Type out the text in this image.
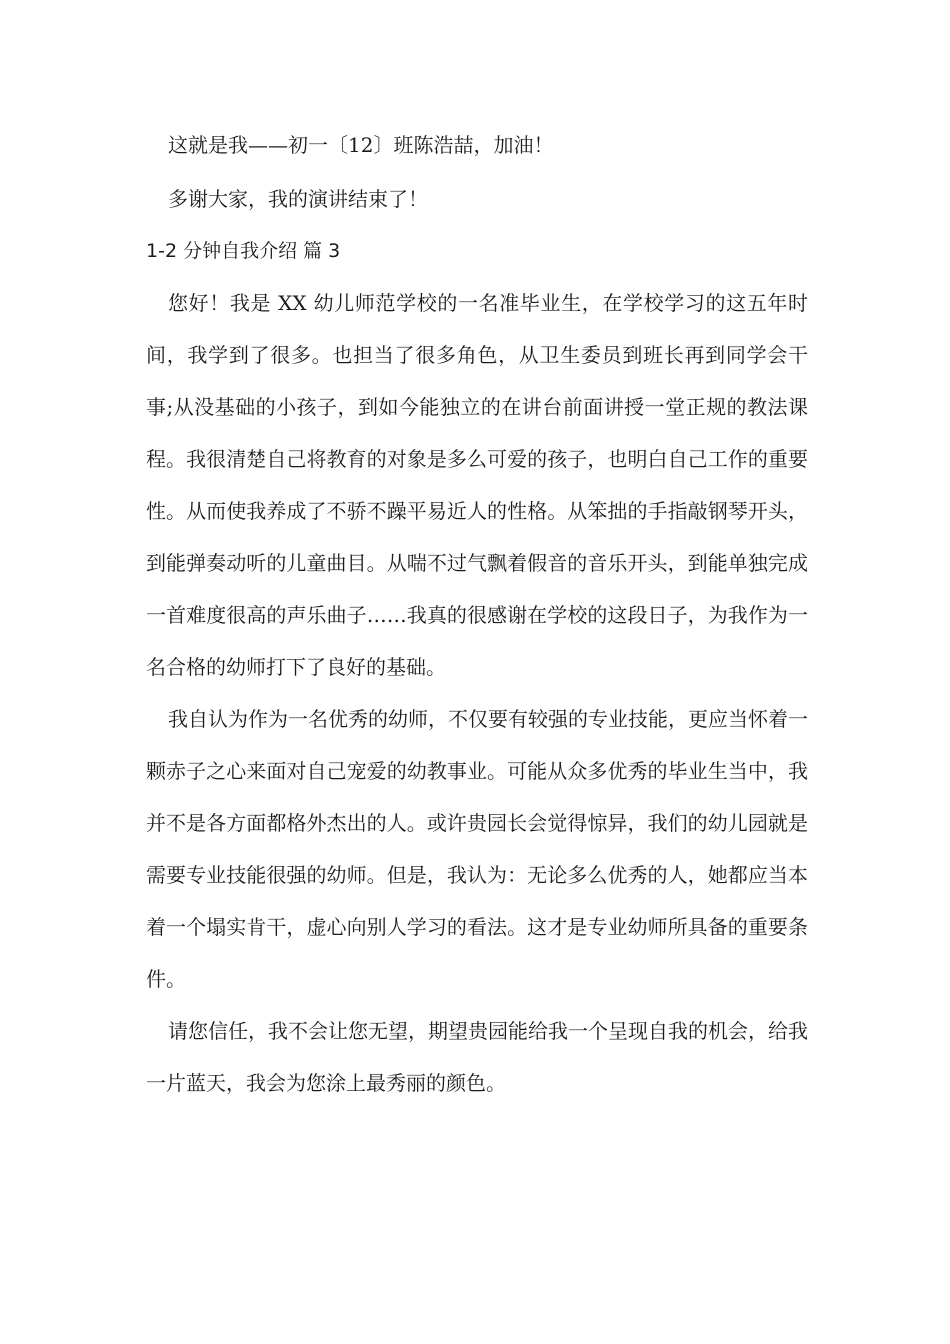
这就是我——初一〔12〕班陈浩喆，加油！

多谢大家，我的演讲结束了！

1-2 分钟自我介绍 篇 3

您好！我是 XX 幼儿师范学校的一名准毕业生，在学校学习的这五年时间，我学到了很多。也担当了很多角色，从卫生委员到班长再到同学会干事;从没基础的小孩子，到如今能独立的在讲台前面讲授一堂正规的教法课程。我很清楚自己将教育的对象是多么可爱的孩子，也明白自己工作的重要性。从而使我养成了不骄不躁平易近人的性格。从笨拙的手指敲钢琴开头，到能弹奏动听的儿童曲目。从喘不过气飘着假音的音乐开头，到能单独完成一首难度很高的声乐曲子……我真的很感谢在学校的这段日子，为我作为一名合格的幼师打下了良好的基础。

我自认为作为一名优秀的幼师，不仅要有较强的专业技能，更应当怀着一颗赤子之心来面对自己宠爱的幼教事业。可能从众多优秀的毕业生当中，我并不是各方面都格外杰出的人。或许贵园长会觉得惊异，我们的幼儿园就是需要专业技能很强的幼师。但是，我认为：无论多么优秀的人，她都应当本着一个塌实肯干，虚心向别人学习的看法。这才是专业幼师所具备的重要条件。

请您信任，我不会让您无望，期望贵园能给我一个呈现自我的机会，给我一片蓝天，我会为您涂上最秀丽的颜色。
